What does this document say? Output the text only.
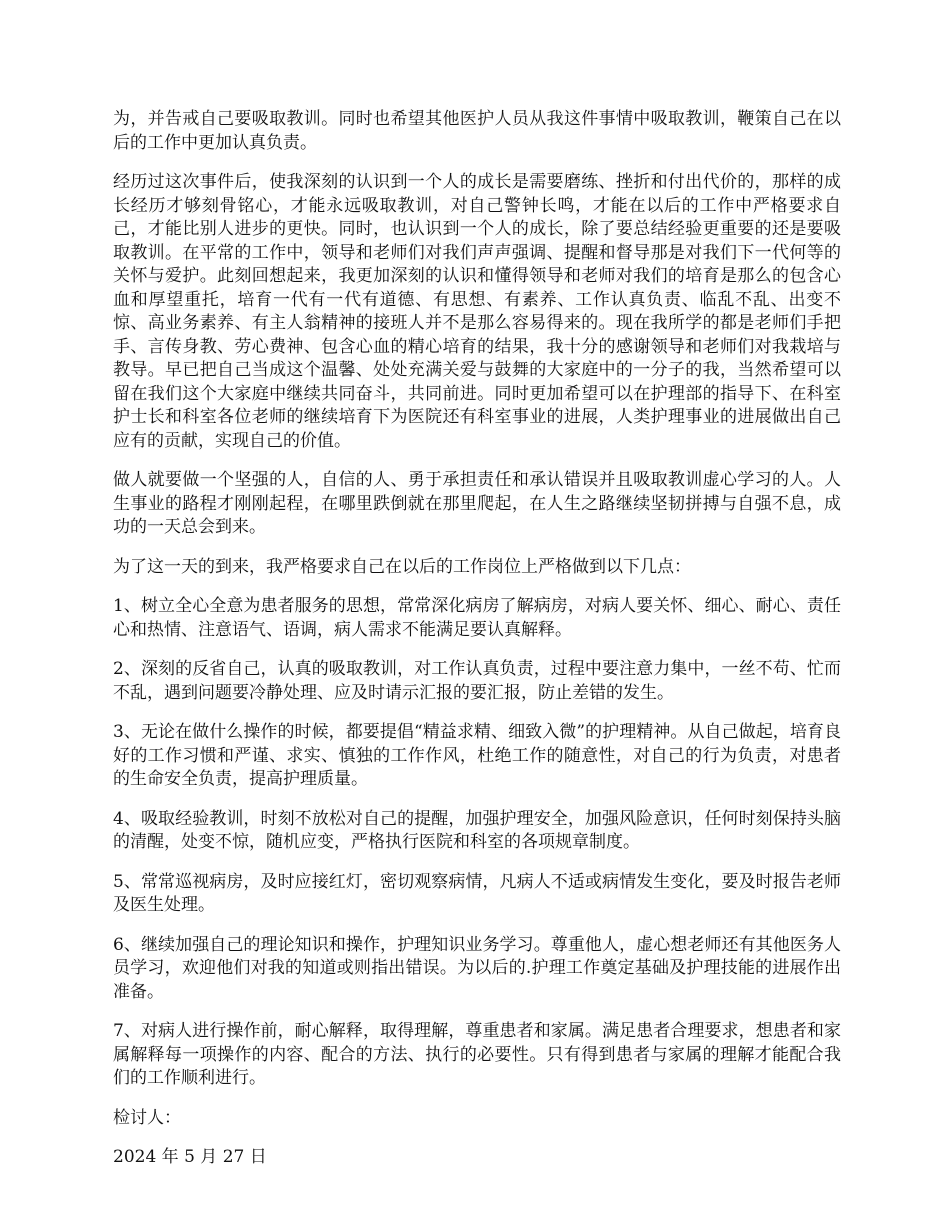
为，并告戒自己要吸取教训。同时也希望其他医护人员从我这件事情中吸取教训，鞭策自己在以后的工作中更加认真负责。

经历过这次事件后，使我深刻的认识到一个人的成长是需要磨练、挫折和付出代价的，那样的成长经历才够刻骨铭心，才能永远吸取教训，对自己警钟长鸣，才能在以后的工作中严格要求自己，才能比别人进步的更快。同时，也认识到一个人的成长，除了要总结经验更重要的还是要吸取教训。在平常的工作中，领导和老师们对我们声声强调、提醒和督导那是对我们下一代何等的关怀与爱护。此刻回想起来，我更加深刻的认识和懂得领导和老师对我们的培育是那么的包含心血和厚望重托，培育一代有一代有道德、有思想、有素养、工作认真负责、临乱不乱、出变不惊、高业务素养、有主人翁精神的接班人并不是那么容易得来的。现在我所学的都是老师们手把手、言传身教、劳心费神、包含心血的精心培育的结果，我十分的感谢领导和老师们对我栽培与教导。早已把自己当成这个温馨、处处充满关爱与鼓舞的大家庭中的一分子的我，当然希望可以留在我们这个大家庭中继续共同奋斗，共同前进。同时更加希望可以在护理部的指导下、在科室护士长和科室各位老师的继续培育下为医院还有科室事业的进展，人类护理事业的进展做出自己应有的贡献，实现自己的价值。

做人就要做一个坚强的人，自信的人、勇于承担责任和承认错误并且吸取教训虚心学习的人。人生事业的路程才刚刚起程，在哪里跌倒就在那里爬起，在人生之路继续坚韧拼搏与自强不息，成功的一天总会到来。

为了这一天的到来，我严格要求自己在以后的工作岗位上严格做到以下几点：

1、树立全心全意为患者服务的思想，常常深化病房了解病房，对病人要关怀、细心、耐心、责任心和热情、注意语气、语调，病人需求不能满足要认真解释。

2、深刻的反省自己，认真的吸取教训，对工作认真负责，过程中要注意力集中，一丝不苟、忙而不乱，遇到问题要冷静处理、应及时请示汇报的要汇报，防止差错的发生。

3、无论在做什么操作的时候，都要提倡“精益求精、细致入微”的护理精神。从自己做起，培育良好的工作习惯和严谨、求实、慎独的工作作风，杜绝工作的随意性，对自己的行为负责，对患者的生命安全负责，提高护理质量。

4、吸取经验教训，时刻不放松对自己的提醒，加强护理安全，加强风险意识，任何时刻保持头脑的清醒，处变不惊，随机应变，严格执行医院和科室的各项规章制度。

5、常常巡视病房，及时应接红灯，密切观察病情，凡病人不适或病情发生变化，要及时报告老师及医生处理。

6、继续加强自己的理论知识和操作，护理知识业务学习。尊重他人，虚心想老师还有其他医务人员学习，欢迎他们对我的知道或则指出错误。为以后的.护理工作奠定基础及护理技能的进展作出准备。

7、对病人进行操作前，耐心解释，取得理解，尊重患者和家属。满足患者合理要求，想患者和家属解释每一项操作的内容、配合的方法、执行的必要性。只有得到患者与家属的理解才能配合我们的工作顺利进行。

检讨人：

2024 年 5 月 27 日
